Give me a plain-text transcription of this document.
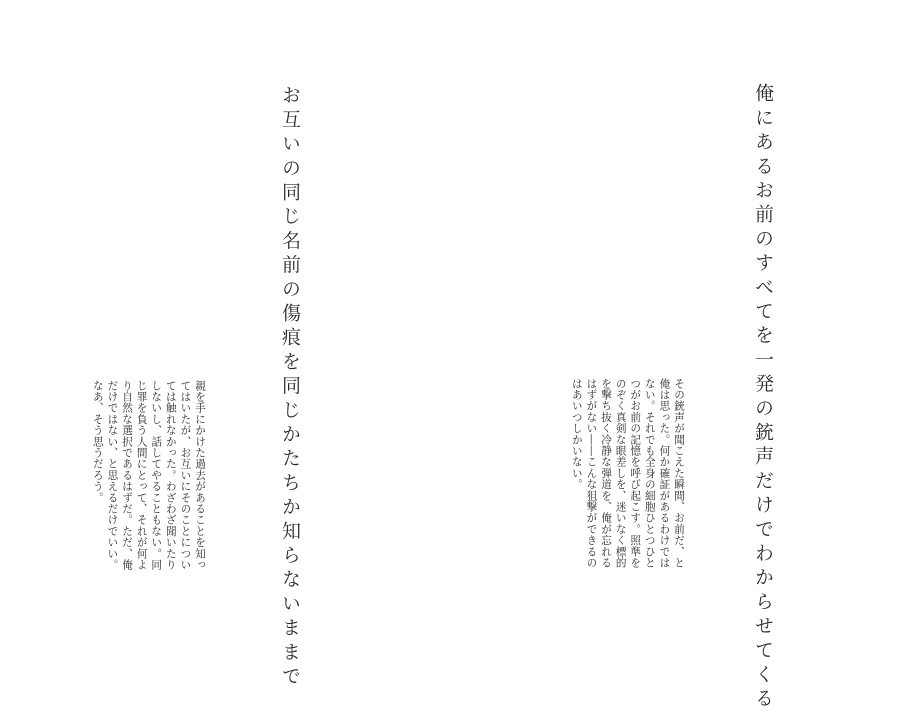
俺にあるお前のすべてを一発の銃声だけでわからせてくる

その銃声が聞こえた瞬間、お前だ、と
俺は思った。何か確証があるわけでは
ない。それでも全身の細胞ひとつひと
つがお前の記憶を呼び起こす。照準を
のぞく真剣な眼差しを、迷いなく標的
を撃ち抜く冷静な弾道を、俺が忘れる
はずがない――こんな狙撃ができるの
はあいつしかいない。

お互いの同じ名前の傷痕を同じかたちか知らないままで

親を手にかけた過去があることを知っ
てはいたが、お互いにそのことについ
ては触れなかった。わざわざ聞いたり
しないし、話してやることもない。同
じ罪を負う人間にとって、それが何よ
り自然な選択であるはずだ。ただ、俺
だけではない、と思えるだけでいい。
なあ、そう思うだろう。
